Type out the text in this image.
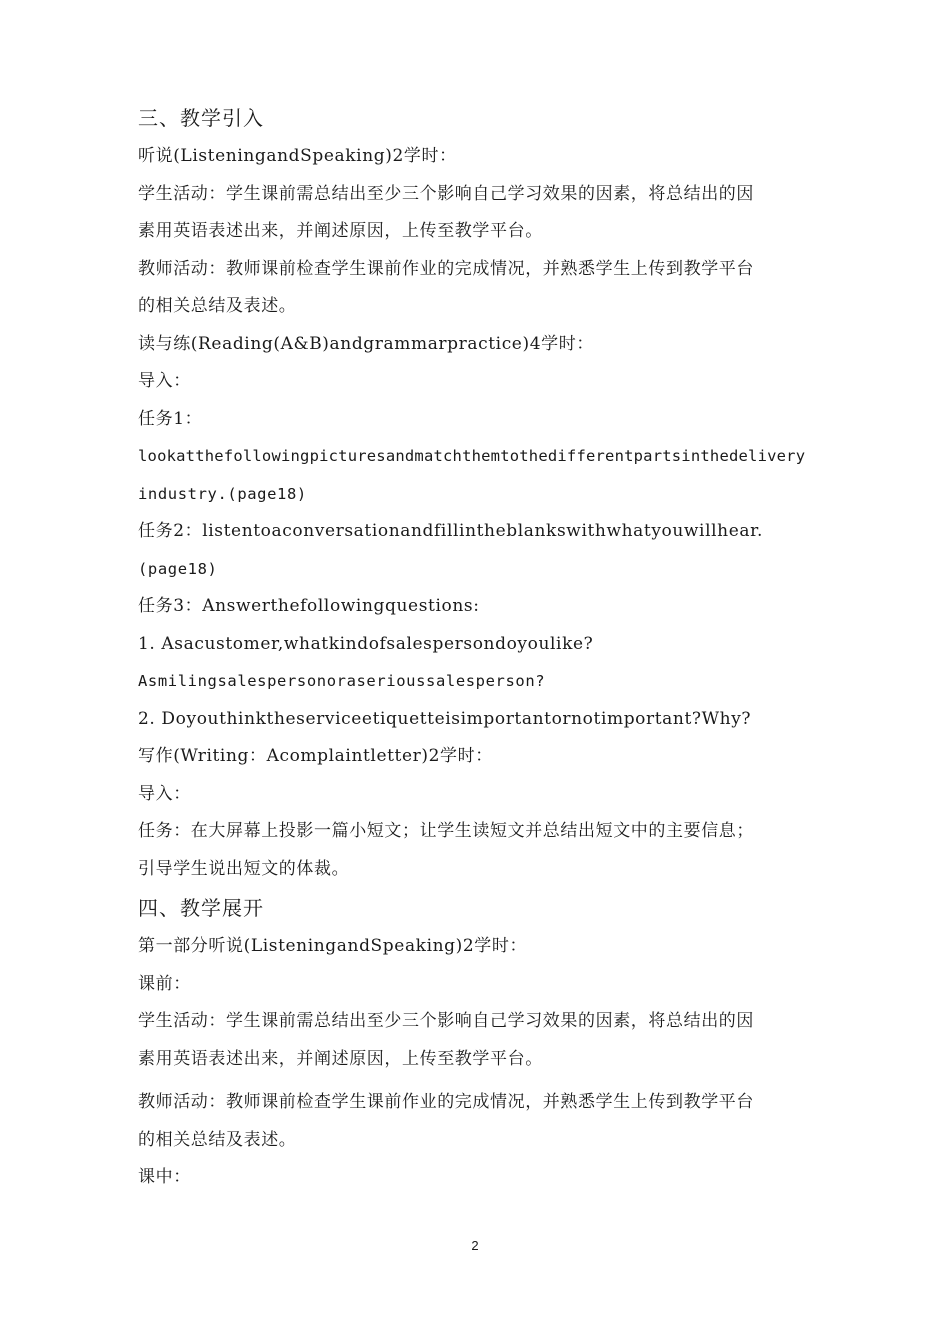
三、教学引入

听说(ListeningandSpeaking)2学时：

学生活动：学生课前需总结出至少三个影响自己学习效果的因素，将总结出的因

素用英语表述出来，并阐述原因，上传至教学平台。

教师活动：教师课前检查学生课前作业的完成情况，并熟悉学生上传到教学平台

的相关总结及表述。

读与练(Reading(A&B)andgrammarpractice)4学时：

导入：

任务1：

lookatthefollowingpicturesandmatchthemtothedifferentpartsinthedelivery

industry.(page18)

任务2：listentoaconversationandfillintheblankswithwhatyouwillhear.

(page18)

任务3：Answerthefollowingquestions:

1. Asacustomer,whatkindofsalespersondoyoulike?

Asmilingsalespersonoraserioussalesperson?

2. Doyouthinktheserviceetiquetteisimportantornotimportant?Why?

写作(Writing：Acomplaintletter)2学时：

导入：

任务：在大屏幕上投影一篇小短文；让学生读短文并总结出短文中的主要信息；

引导学生说出短文的体裁。

四、教学展开

第一部分听说(ListeningandSpeaking)2学时：

课前：

学生活动：学生课前需总结出至少三个影响自己学习效果的因素，将总结出的因

素用英语表述出来，并阐述原因，上传至教学平台。

教师活动：教师课前检查学生课前作业的完成情况，并熟悉学生上传到教学平台

的相关总结及表述。

课中：

2
